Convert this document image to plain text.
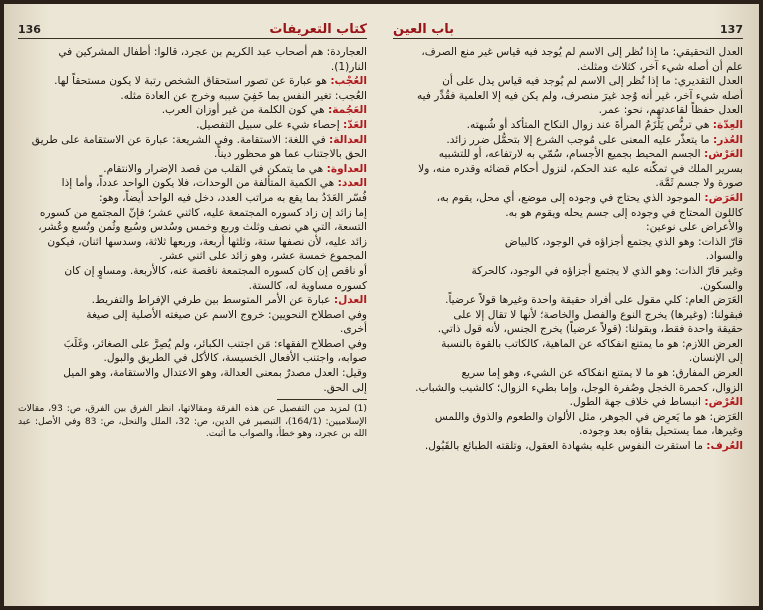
كتاب التعريفات
136

العجاردة: هم أصحاب عبد الكريم بن عجرد، قالوا: أطفال المشركين في

النار(1).

العُجْب: هو عبارة عن تصور استحقاق الشخص رتبة لا يكون مستحقاً لها.

العُجب: تغير النفس بما خَفِيَ سببه وخرج عن العادة مثله.

العَجُمة: هي كون الكلمة من غير أوزان العرب.

العَدّ: إحصاء شيء على سبيل التفصيل.

العدالة: في اللغة: الاستقامة. وفي الشريعة: عبارة عن الاستقامة على طريق

الحق بالاجتناب عما هو محظور ديناً.

العداوة: هي ما يتمكن في القلب من قصد الإضرار والانتقام.

العدد: هي الكمية المتألفة من الوحدات، فلا يكون الواحد عدداً، وأما إذا

فُسّر العَدَدُ بما يقع به مراتب العدد، دخل فيه الواحد أيضاً، وهو:

إما زائد إن زاد كسوره المجتمعة عليه، كاثني عشر؛ فإنّ المجتمع من كسوره

التسعة، التي هي نصف وثلث وربع وخمس وسُدس وسُبع وثُمن وتُسع وعُشر،

زائد عليه، لأن نصفها ستة، وثلثها أربعة، وربعها ثلاثة، وسدسها اثنان، فيكون

المجموع خمسة عشر، وهو زائد على اثني عشر.

أو ناقص إن كان كسوره المجتمعة ناقصة عنه، كالأربعة. ومساوٍ إن كان

كسوره مساوية له، كالستة.

العدل: عبارة عن الأمر المتوسط بين طرفي الإفراط والتفريط.

وفي اصطلاح النحويين: خروج الاسم عن صيغته الأصلية إلى صيغة

أخرى.

وفي اصطلاح الفقهاء: مَن اجتنب الكبائر، ولم يُصِرَّ على الصغائر، وغَلَبَ

صوابه، واجتنب الأفعال الخسيسة، كالأكل في الطريق والبول.

وقيل: العدل مصدرٌ بمعنى العدالة، وهو الاعتدال والاستقامة، وهو الميل

إلى الحق.

(1) لمزيد من التفصيل عن هذه الفرقة ومقالاتها، انظر الفرق بين الفرق، ص: 93، مقالات الإسلاميين: (164/1)، التبصير في الدين، ص: 32، الملل والنحل، ص: 83 وفي الأصل: عبد الله بن عجرد، وهو خطأ، والصواب ما أثبت.

137
باب العين

العدل التحقيقي: ما إذا نُظر إلى الاسم لم يُوجد فيه قياس غير منع الصرف،

علم أن أصله شيء آخر، كثلاث ومثلث.

العدل التقديري: ما إذا نُظر إلى الاسم لم يُوجد فيه قياس يدل على أن

أصله شيء آخر، غير أنه وُجد غيرَ منصرف، ولم يكن فيه إلا العلمية فقُدِّر فيه

العدل حفظاً لقاعدتهم، نحو: عمر.

العِدّة: هي تربُّص يَلْزَمُ المرأةَ عند زوال النكاح المتأكد أو شُبهته.

العُذر: ما يتعذّر عليه المعنى على مُوجب الشرع إلا بتحمُّل ضرر زائد.

العَرْش: الجسم المحيط بجميع الأجسام، سُمّي به لارتفاعه، أو للتشبيه

بسرير الملك في تمكّنه عليه عند الحكم، لنزول أحكام قضائه وقدره منه، ولا

صورة ولا جسم ثَمَّة.

العَرَض: الموجود الذي يحتاج في وجوده إلى موضع، أي محل، يقوم به،

كاللون المحتاج في وجوده إلى جسم يحله ويقوم هو به.

والأعراض على نوعين:

قارّ الذات: وهو الذي يجتمع أجزاؤه في الوجود، كالبياض

والسواد.

وغير قارّ الذات: وهو الذي لا يجتمع أجزاؤه في الوجود، كالحركة

والسكون.

العَرَض العام: كلي مقول على أفراد حقيقة واحدة وغيرها قولاً عرضياً.

فبقولنا: (وغيرها) يخرج النوع والفصل والخاصة؛ لأنها لا تقال إلا على

حقيقة واحدة فقط، وبقولنا: (قولاً عرضياً) يخرج الجنس، لأنه قول ذاتي.

العرض اللازم: هو ما يمتنع انفكاكه عن الماهية، كالكاتب بالقوة بالنسبة

إلى الإنسان.

العرض المفارق: هو ما لا يمتنع انفكاكه عن الشيء، وهو إما سريع

الزوال، كحمرة الخجل وصُفرة الوجل، وإما بطيء الزوال؛ كالشيب والشباب.

العُرْض: انبساط في خلاف جهة الطول.

العَرَض: هو ما يَعرِض في الجوهر، مثل الألوان والطعوم والذوق واللمس

وغيرها، مما يستحيل بقاؤه بعد وجوده.

العُرف: ما استقرت النفوس عليه بشهادة العقول، وتلقته الطبائع بالقَبُول.
